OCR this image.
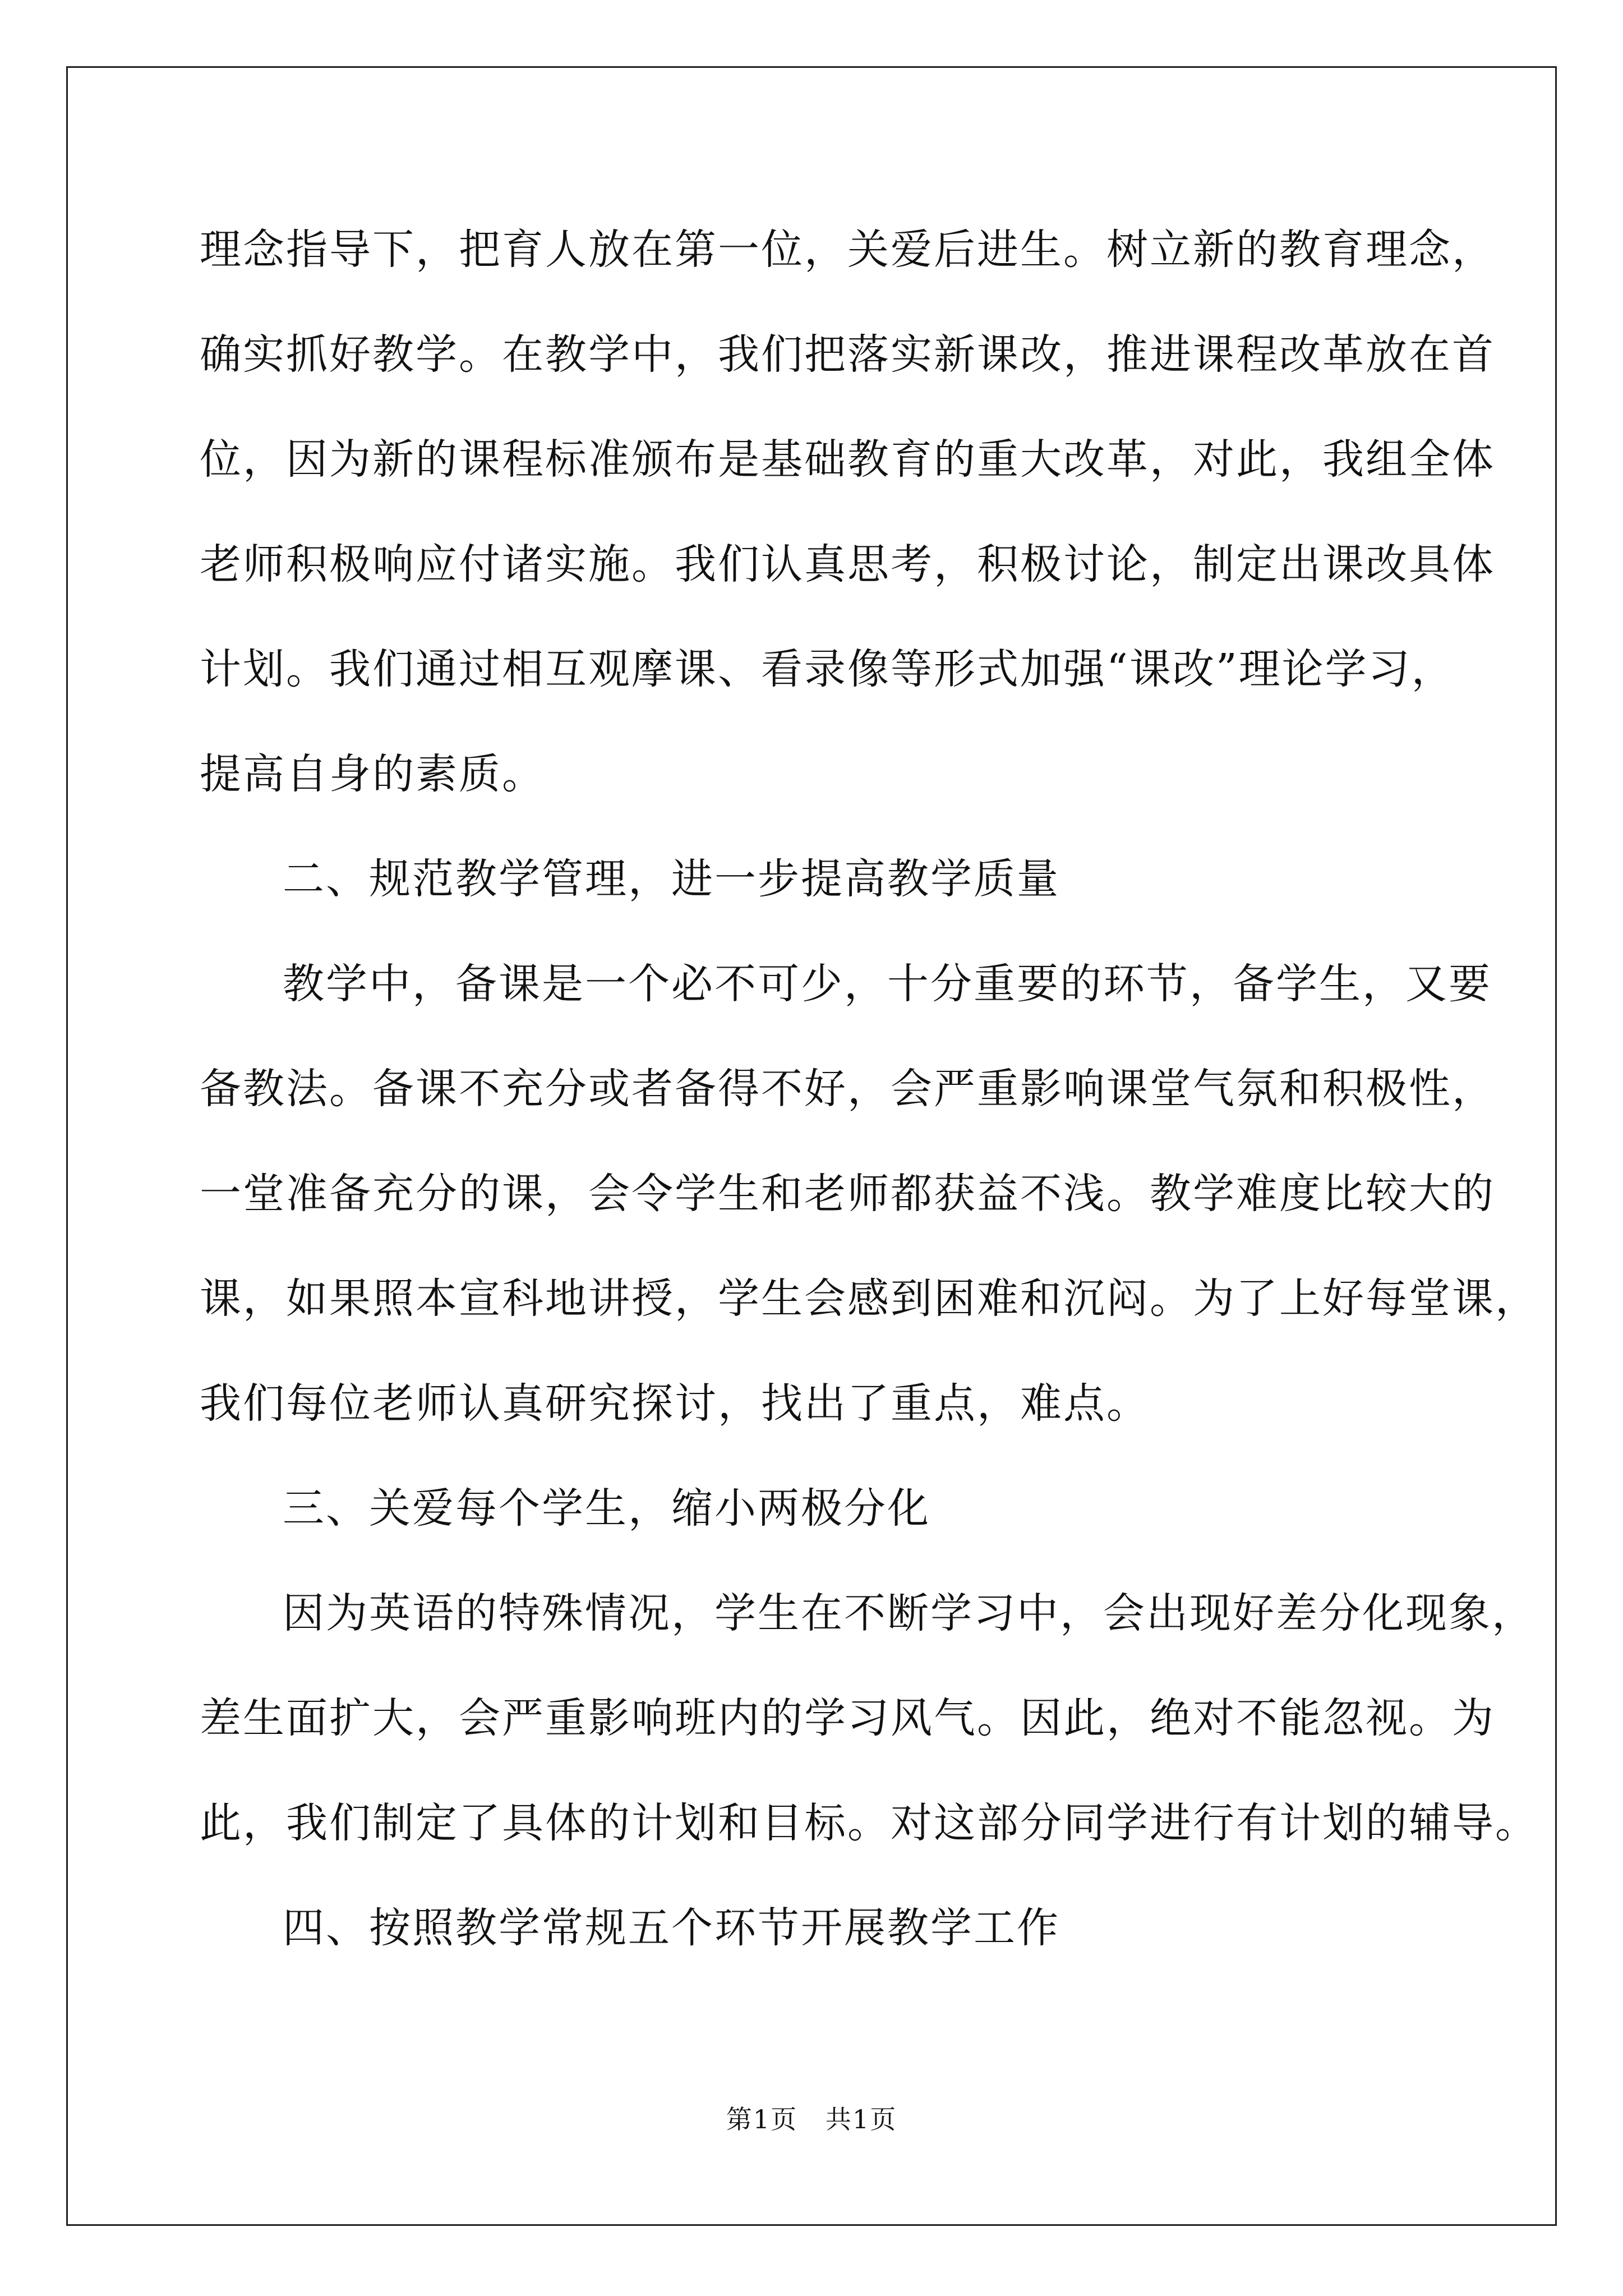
理念指导下，把育人放在第一位，关爱后进生。树立新的教育理念，
确实抓好教学。在教学中，我们把落实新课改，推进课程改革放在首
位，因为新的课程标准颁布是基础教育的重大改革，对此，我组全体
老师积极响应付诸实施。我们认真思考，积极讨论，制定出课改具体
计划。我们通过相互观摩课、看录像等形式加强“课改”理论学习，
提高自身的素质。
二、规范教学管理，进一步提高教学质量
教学中，备课是一个必不可少，十分重要的环节，备学生，又要
备教法。备课不充分或者备得不好，会严重影响课堂气氛和积极性，
一堂准备充分的课，会令学生和老师都获益不浅。教学难度比较大的
课，如果照本宣科地讲授，学生会感到困难和沉闷。为了上好每堂课，
我们每位老师认真研究探讨，找出了重点，难点。
三、关爱每个学生，缩小两极分化
因为英语的特殊情况，学生在不断学习中，会出现好差分化现象，
差生面扩大，会严重影响班内的学习风气。因此，绝对不能忽视。为
此，我们制定了具体的计划和目标。对这部分同学进行有计划的辅导。
四、按照教学常规五个环节开展教学工作
第1页   共1页
